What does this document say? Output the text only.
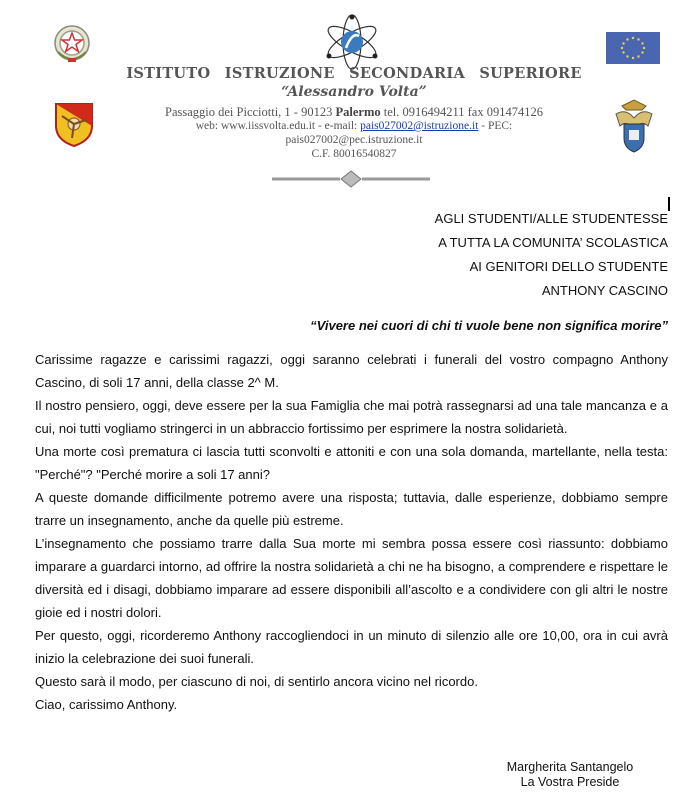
ISTITUTO ISTRUZIONE SECONDARIA SUPERIORE
“Alessandro Volta”
Passaggio dei Picciotti, 1 - 90123 Palermo tel. 0916494211 fax 091474126
web: www.iissvolta.edu.it - e-mail: pais027002@istruzione.it - PEC:
pais027002@pec.istruzione.it
C.F. 80016540827
AGLI STUDENTI/ALLE STUDENTESSE
A TUTTA LA COMUNITA’ SCOLASTICA
AI GENITORI DELLO STUDENTE
ANTHONY CASCINO
“Vivere nei cuori di chi ti vuole bene non significa morire”

Carissime ragazze e carissimi ragazzi, oggi saranno celebrati i funerali del vostro compagno Anthony Cascino, di soli 17 anni, della classe 2^ M.

Il nostro pensiero, oggi, deve essere per la sua Famiglia che mai potrà rassegnarsi ad una tale mancanza e a cui, noi tutti vogliamo stringerci in un abbraccio fortissimo per esprimere la nostra solidarietà.

Una morte così prematura ci lascia tutti sconvolti e attoniti e con una sola domanda, martellante, nella testa: "Perché"? "Perché morire a soli 17 anni?

A queste domande difficilmente potremo avere una risposta; tuttavia, dalle esperienze, dobbiamo sempre trarre un insegnamento, anche da quelle più estreme.

L’insegnamento che possiamo trarre dalla Sua morte mi sembra possa essere così riassunto: dobbiamo imparare a guardarci intorno, ad offrire la nostra solidarietà a chi ne ha bisogno, a comprendere e rispettare le diversità ed i disagi, dobbiamo imparare ad essere disponibili all’ascolto e a condividere con gli altri le nostre gioie ed i nostri dolori.

Per questo, oggi, ricorderemo Anthony raccogliendoci in un minuto di silenzio alle ore 10,00, ora in cui avrà inizio la celebrazione dei suoi funerali.

Questo sarà il modo, per ciascuno di noi, di sentirlo ancora vicino nel ricordo.

Ciao, carissimo Anthony.

Margherita Santangelo
La Vostra Preside
